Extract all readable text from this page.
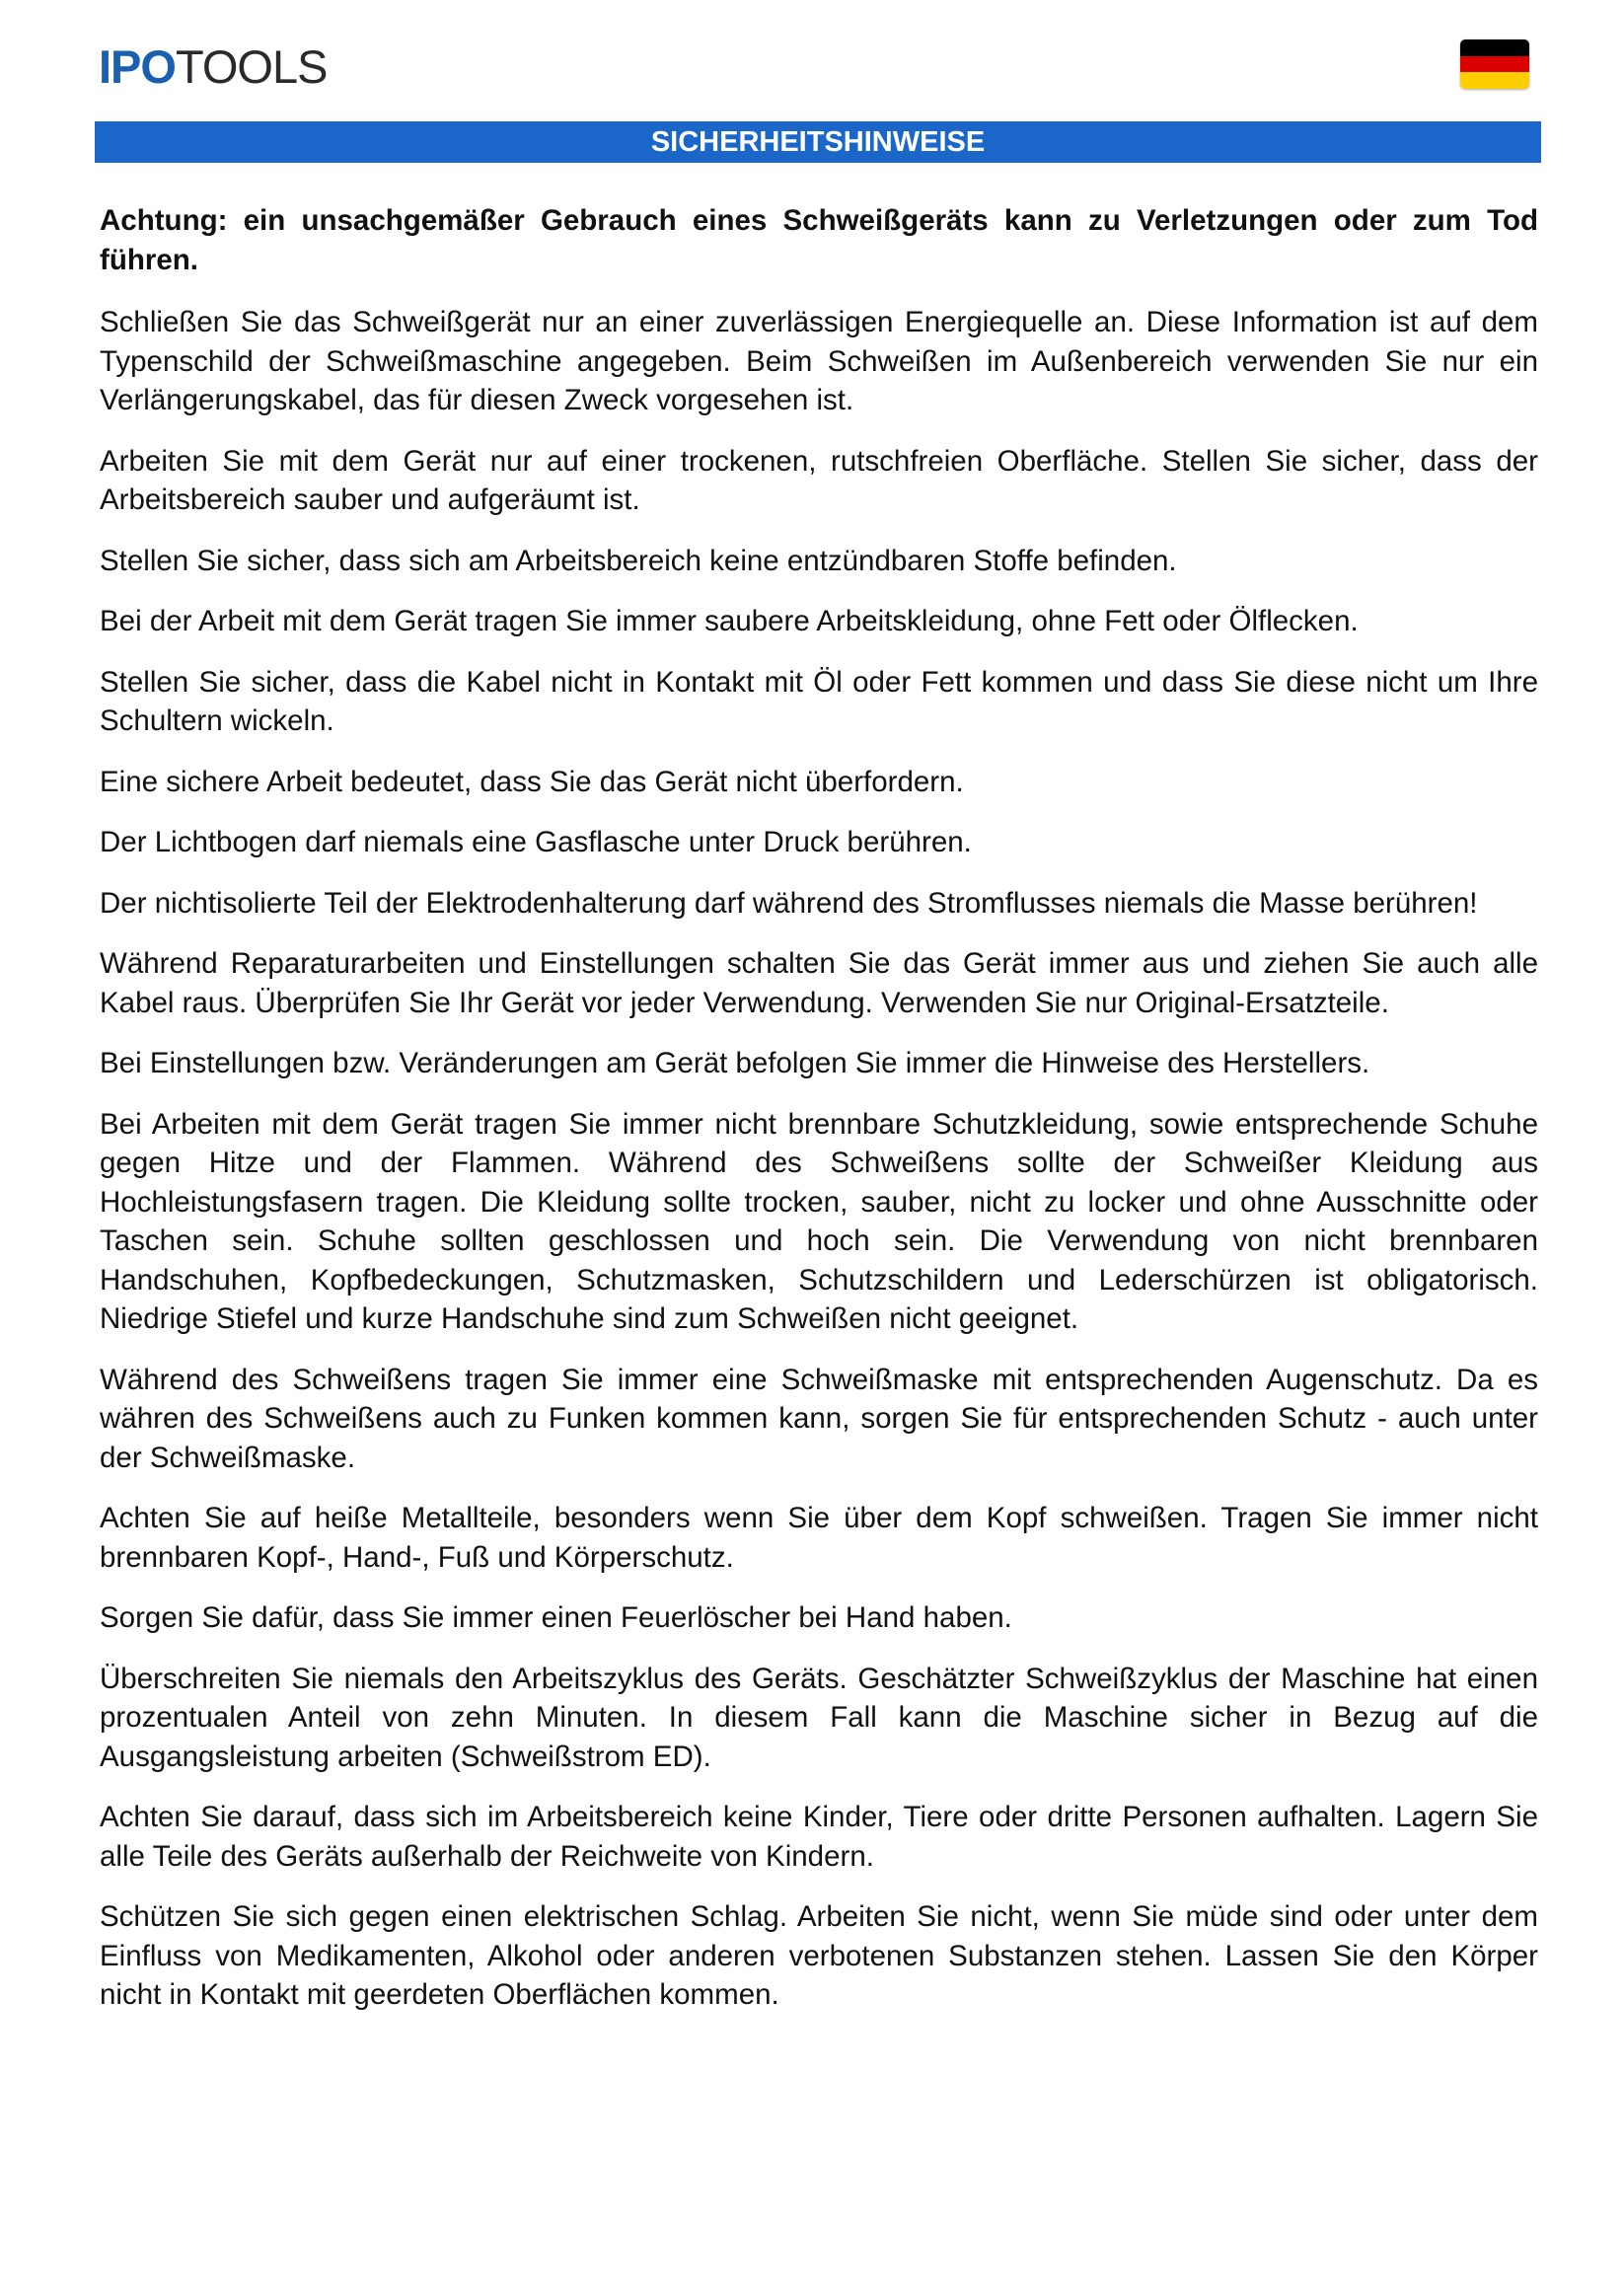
IPOTOOLS
SICHERHEITSHINWEISE

Achtung: ein unsachgemäßer Gebrauch eines Schweißgeräts kann zu Verletzungen oder zum Tod führen.

Schließen Sie das Schweißgerät nur an einer zuverlässigen Energiequelle an. Diese Information ist auf dem Typenschild der Schweißmaschine angegeben. Beim Schweißen im Außenbereich verwenden Sie nur ein Verlängerungskabel, das für diesen Zweck vorgesehen ist.

Arbeiten Sie mit dem Gerät nur auf einer trockenen, rutschfreien Oberfläche. Stellen Sie sicher, dass der Arbeitsbereich sauber und aufgeräumt ist.

Stellen Sie sicher, dass sich am Arbeitsbereich keine entzündbaren Stoffe befinden.

Bei der Arbeit mit dem Gerät tragen Sie immer saubere Arbeitskleidung, ohne Fett oder Ölflecken.

Stellen Sie sicher, dass die Kabel nicht in Kontakt mit Öl oder Fett kommen und dass Sie diese nicht um Ihre Schultern wickeln.

Eine sichere Arbeit bedeutet, dass Sie das Gerät nicht überfordern.

Der Lichtbogen darf niemals eine Gasflasche unter Druck berühren.

Der nichtisolierte Teil der Elektrodenhalterung darf während des Stromflusses niemals die Masse berühren!

Während Reparaturarbeiten und Einstellungen schalten Sie das Gerät immer aus und ziehen Sie auch alle Kabel raus. Überprüfen Sie Ihr Gerät vor jeder Verwendung. Verwenden Sie nur Original-Ersatzteile.

Bei Einstellungen bzw. Veränderungen am Gerät befolgen Sie immer die Hinweise des Herstellers.

Bei Arbeiten mit dem Gerät tragen Sie immer nicht brennbare Schutzkleidung, sowie entsprechende Schuhe gegen Hitze und der Flammen. Während des Schweißens sollte der Schweißer Kleidung aus Hochleistungsfasern tragen. Die Kleidung sollte trocken, sauber, nicht zu locker und ohne Ausschnitte oder Taschen sein. Schuhe sollten geschlossen und hoch sein. Die Verwendung von nicht brennbaren Handschuhen, Kopfbedeckungen, Schutzmasken, Schutzschildern und Lederschürzen ist obligatorisch. Niedrige Stiefel und kurze Handschuhe sind zum Schweißen nicht geeignet.

Während des Schweißens tragen Sie immer eine Schweißmaske mit entsprechenden Augenschutz. Da es währen des Schweißens auch zu Funken kommen kann, sorgen Sie für entsprechenden Schutz - auch unter der Schweißmaske.

Achten Sie auf heiße Metallteile, besonders wenn Sie über dem Kopf schweißen. Tragen Sie immer nicht brennbaren Kopf-, Hand-, Fuß und Körperschutz.

Sorgen Sie dafür, dass Sie immer einen Feuerlöscher bei Hand haben.

Überschreiten Sie niemals den Arbeitszyklus des Geräts. Geschätzter Schweißzyklus der Maschine hat einen prozentualen Anteil von zehn Minuten. In diesem Fall kann die Maschine sicher in Bezug auf die Ausgangsleistung arbeiten (Schweißstrom ED).

Achten Sie darauf, dass sich im Arbeitsbereich keine Kinder, Tiere oder dritte Personen aufhalten. Lagern Sie alle Teile des Geräts außerhalb der Reichweite von Kindern.

Schützen Sie sich gegen einen elektrischen Schlag. Arbeiten Sie nicht, wenn Sie müde sind oder unter dem Einfluss von Medikamenten, Alkohol oder anderen verbotenen Substanzen stehen. Lassen Sie den Körper nicht in Kontakt mit geerdeten Oberflächen kommen.
